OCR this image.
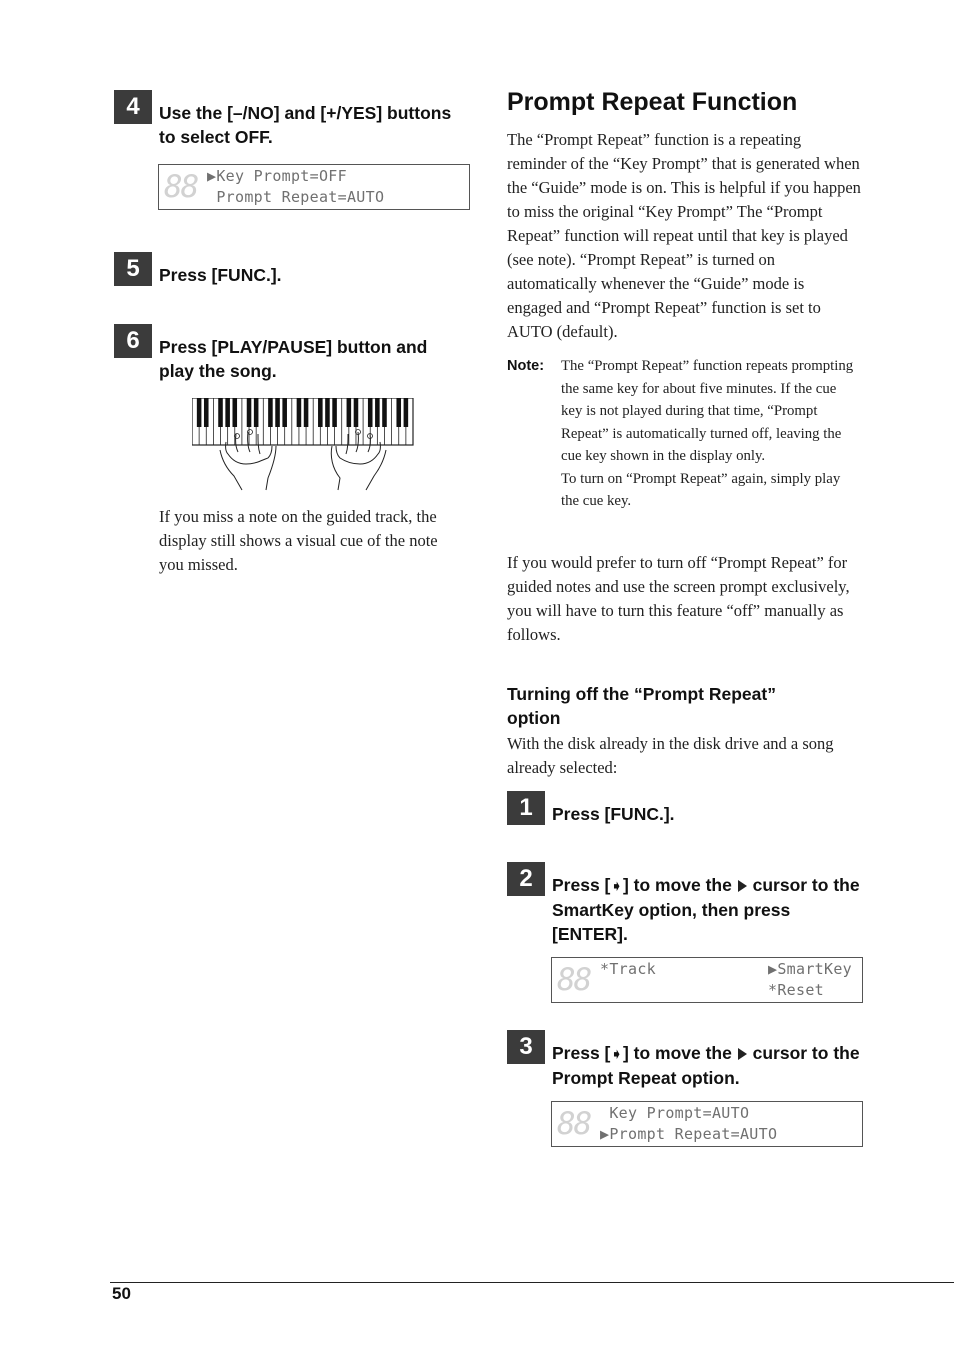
4	Use the [–/NO] and [+/YES] buttons to select OFF.
88 ▶Key Prompt=OFF
Prompt Repeat=AUTO
5	Press [FUNC.].
6	Press [PLAY/PAUSE] button and play the song.
If you miss a note on the guided track, the display still shows a visual cue of the note you missed.
Prompt Repeat Function
The “Prompt Repeat” function is a repeating reminder of the “Key Prompt” that is generated when the “Guide” mode is on. This is helpful if you happen to miss the original “Key Prompt” The “Prompt Repeat” function will repeat until that key is played (see note). “Prompt Repeat” is turned on automatically whenever the “Guide” mode is engaged and “Prompt Repeat” function is set to AUTO (default).
Note: The “Prompt Repeat” function repeats prompting the same key for about five minutes. If the cue key is not played during that time, “Prompt Repeat” is automatically turned off, leaving the cue key shown in the display only.
To turn on “Prompt Repeat” again, simply play the cue key.
If you would prefer to turn off “Prompt Repeat” for guided notes and use the screen prompt exclusively, you will have to turn this feature “off” manually as follows.
Turning off the “Prompt Repeat” option
With the disk already in the disk drive and a song already selected:
1	Press [FUNC.].
2	Press [➧] to move the cursor to the SmartKey option, then press [ENTER].
88 *Track	▶SmartKey
*Reset
3	Press [➧] to move the cursor to the Prompt Repeat option.
88 Key Prompt=AUTO
▶Prompt Repeat=AUTO
50
